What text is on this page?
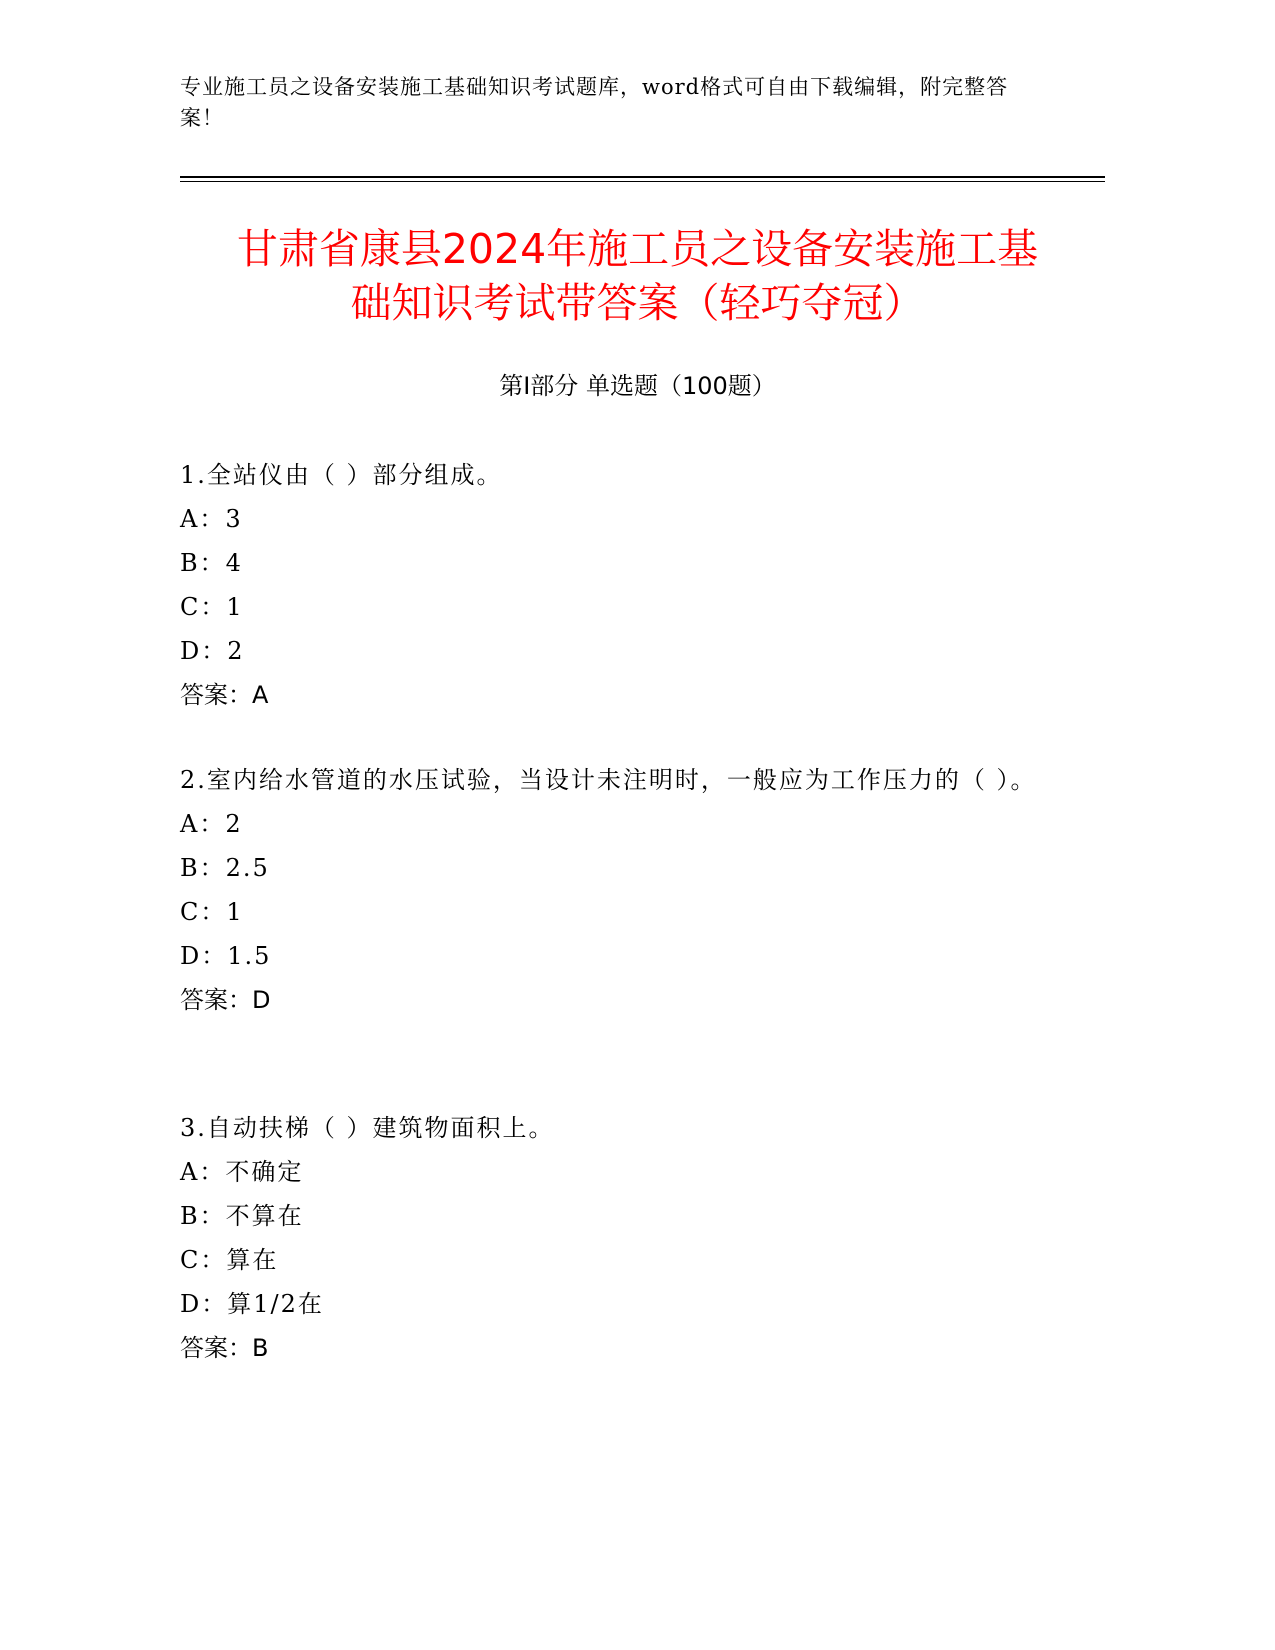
专业施工员之设备安装施工基础知识考试题库，word格式可自由下载编辑，附完整答案！
甘肃省康县2024年施工员之设备安装施工基
础知识考试带答案（轻巧夺冠）
第Ⅰ部分 单选题（100题）

1.全站仪由（ ）部分组成。

A：3

B：4

C：1

D：2

答案：A

2.室内给水管道的水压试验，当设计未注明时，一般应为工作压力的（ ）。

A：2

B：2.5

C：1

D：1.5

答案：D

3.自动扶梯（ ）建筑物面积上。

A：不确定

B：不算在

C：算在

D：算1/2在

答案：B
